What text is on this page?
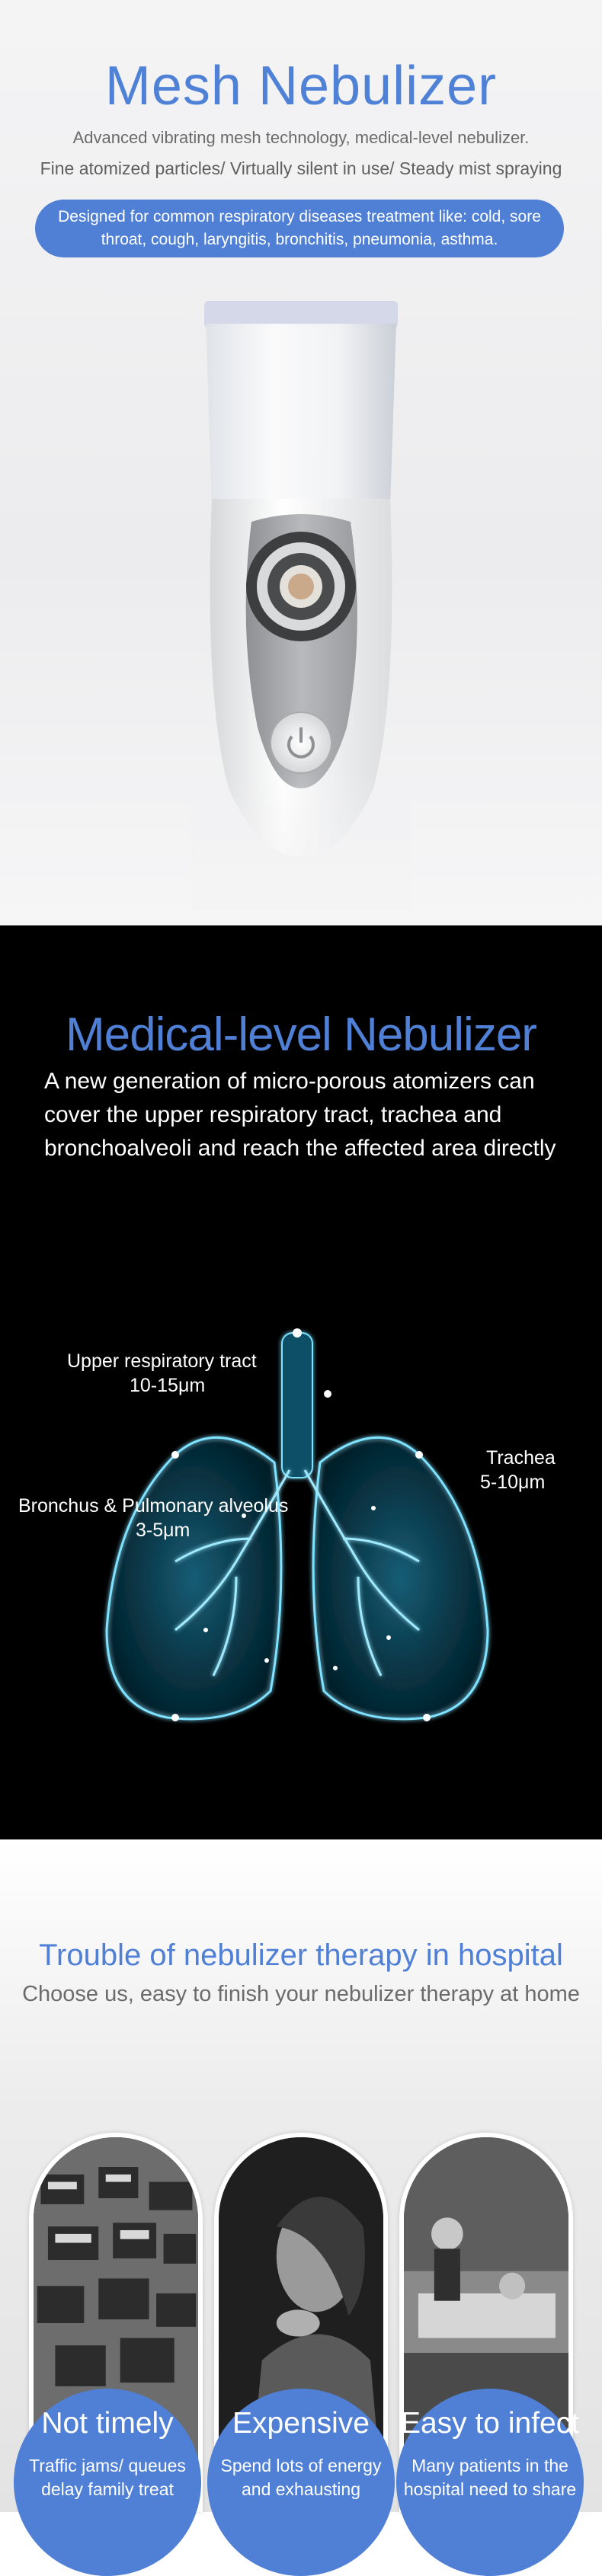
Mesh Nebulizer
Advanced vibrating mesh technology, medical-level nebulizer.
Fine atomized particles/ Virtually silent in use/ Steady mist spraying
Designed for common respiratory diseases treatment like: cold, sore throat, cough, laryngitis, bronchitis, pneumonia, asthma.
Medical-level Nebulizer
A new generation of micro-porous atomizers can cover the upper respiratory tract, trachea and bronchoalveoli and reach the affected area directly
Upper respiratory tract
10-15μm
Trachea
5-10μm
Bronchus & Pulmonary alveolus
3-5μm
Trouble of nebulizer therapy in hospital
Choose us, easy to finish your nebulizer therapy at home
Not timely
Traffic jams/ queues
delay family treat
Expensive
Spend lots of energy
and exhausting
Easy to infect
Many patients in the
hospital need to share
